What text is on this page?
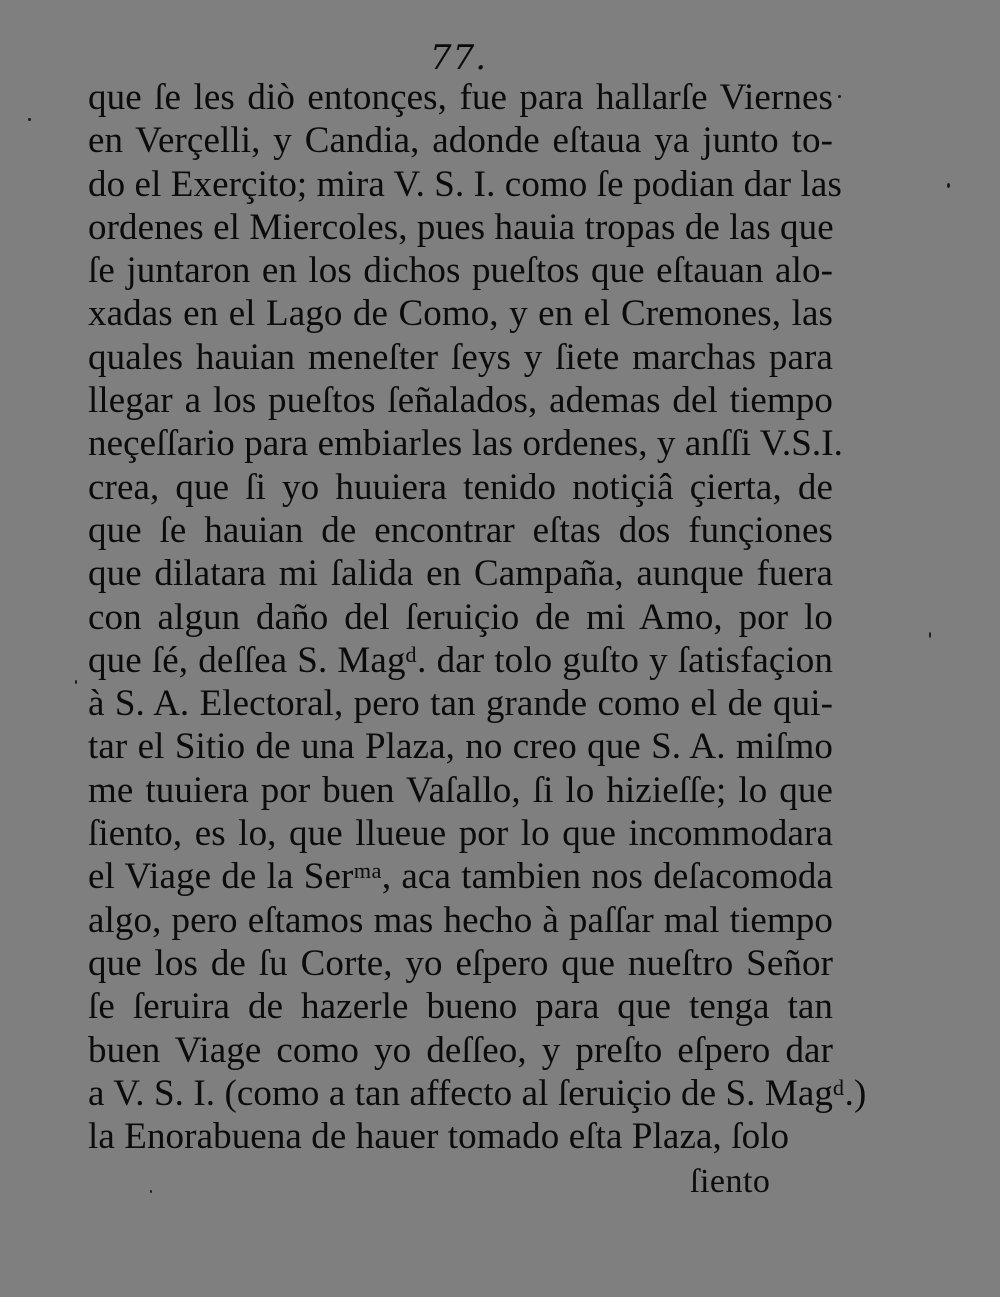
77.
que ſe les diò entonçes, fue para hallarſe Viernes
en Verçelli, y Candia, adonde eſtaua ya junto to-
do el Exerçito; mira V. S. I. como ſe podian dar las
ordenes el Miercoles, pues hauia tropas de las que
ſe juntaron en los dichos pueſtos que eſtauan alo-
xadas en el Lago de Como, y en el Cremones, las
quales hauian meneſter ſeys y ſiete marchas para
llegar a los pueſtos ſeñalados, ademas del tiempo
neçeſſario para embiarles las ordenes, y anſſi V.S.I.
crea, que ſi yo huuiera tenido notiçiâ çierta, de
que ſe hauian de encontrar eſtas dos funçiones
que dilatara mi ſalida en Campaña, aunque fuera
con algun daño del ſeruiçio de mi Amo, por lo
que ſé, deſſea S. Magᵈ. dar tolo guſto y ſatisfaçion
à S. A. Electoral, pero tan grande como el de qui-
tar el Sitio de una Plaza, no creo que S. A. miſmo
me tuuiera por buen Vaſallo, ſi lo hizieſſe; lo que
ſiento, es lo, que llueue por lo que incommodara
el Viage de la Serᵐᵃ, aca tambien nos deſacomoda
algo, pero eſtamos mas hecho à paſſar mal tiempo
que los de ſu Corte, yo eſpero que nueſtro Señor
ſe ſeruira de hazerle bueno para que tenga tan
buen Viage como yo deſſeo, y preſto eſpero dar
a V. S. I. (como a tan affecto al ſeruiçio de S. Magᵈ.)
la Enorabuena de hauer tomado eſta Plaza, ſolo
ſiento
